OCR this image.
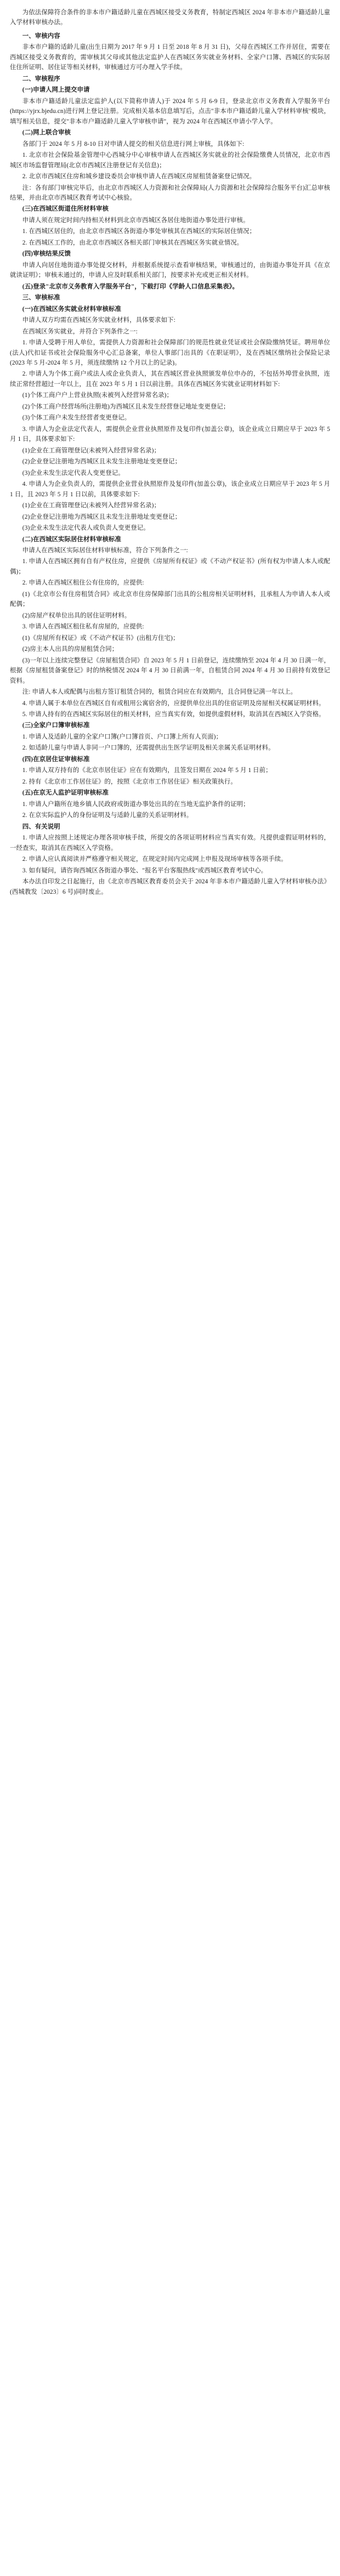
为依法保障符合条件的非本市户籍适龄儿童在西城区接受义务教育，特制定西城区 2024 年非本市户籍适龄儿童入学材料审核办法。

一、审核内容

非本市户籍的适龄儿童(出生日期为 2017 年 9 月 1 日至 2018 年 8 月 31 日)，父母在西城区工作并居住，需要在西城区接受义务教育的，需审核其父母或其他法定监护人在西城区务实就业务材料、全家户口簿、西城区的实际居住住所证明、居住证等相关材料，审核通过方可办理入学手续。

二、审核程序

(一)申请人网上提交申请

非本市户籍适龄儿童法定监护人(以下简称申请人)于 2024 年 5 月 6-9 日，登录北京市义务教育入学服务平台(https://yjrx.bjedu.cn)进行网上登记注册。完成相关基本信息填写后，点击"非本市户籍适龄儿童入学材料审核"模块，填写相关信息，提交"非本市户籍适龄儿童入学审核申请"，视为 2024 年在西城区申请小学入学。

(二)网上联合审核

各部门于 2024 年 5 月 8-10 日对申请人提交的相关信息进行网上审核，具体如下:

1. 北京市社会保险基金管理中心西城分中心审核申请人在西城区务实就业的社会保险缴费人员情况，北京市西城区市场监督管理局(北京市西城区注册登记有关信息)；

2. 北京市西城区住房和城乡建设委员会审核申请人在西城区房屋租赁备案登记情况。

注：各有部门审核完毕后，由北京市西城区人力资源和社会保障局(人力资源和社会保障综合服务平台)汇总审核结果，并由北京市西城区教育考试中心核验。

(三)在西城区街道住所材料审核

申请人须在规定时间内持相关材料到北京市西城区各居住地街道办事处进行审核。

1. 在西城区居住的，由北京市西城区各街道办事处审核其在西城区的实际居住情况；

2. 在西城区工作的，由北京市西城区各相关部门审核其在西城区务实就业情况。

(四)审核结果反馈

申请人向居住地街道办事处提交材料，并根据系统提示查看审核结果，审核通过的，由街道办事处开具《在京就读证明》；审核未通过的，申请人应及时联系相关部门，按要求补充或更正相关材料。

(五)登录"北京市义务教育入学服务平台"，下载打印《学龄人口信息采集表》。

三、审核标准

(一)在西城区务实就业材料审核标准

申请人双方均需在西城区务实就业材料，具体要求如下:

在西城区务实就业，并符合下列条件之一:

1. 申请人受聘于用人单位，需提供人力资源和社会保障部门的规范性就业凭证或社会保险缴纳凭证。聘用单位(法人)代扣证书或社会保险服务中心汇总备案，单位人事部门出具的《在职证明》，及在西城区缴纳社会保险记录(2023 年 5 月-2024 年 5 月，须连续缴纳 12 个月以上的记录)。

2. 申请人为个体工商户或法人或企业负责人，其在西城区营业执照颁发单位申办的，不包括外埠营业执照，连续正常经营超过一年以上，且在 2023 年 5 月 1 日以前注册。具体在西城区务实就业证明材料如下:

(1)个体工商户户上营业执照(未被列入经营异常名录)；

(2)个体工商户经营场所(注册地)为西城区且未发生经营登记地址变更登记；

(3)个体工商户未发生经营者变更登记。

3. 申请人为企业法定代表人，需提供企业营业执照原件及复印件(加盖公章)，该企业成立日期应早于 2023 年 5 月 1 日，具体要求如下:

(1)企业在工商管理登记(未被列入经营异常名录)；

(2)企业登记注册地为西城区且未发生注册地址变更登记；

(3)企业未发生法定代表人变更登记。

4. 申请人为企业负责人的，需提供企业营业执照原件及复印件(加盖公章)，该企业成立日期应早于 2023 年 5 月 1 日，且 2023 年 5 月 1 日以前，具体要求如下:

(1)企业在工商管理登记(未被列入经营异常名录)；

(2)企业登记注册地为西城区且未发生注册地址变更登记；

(3)企业未发生法定代表人或负责人变更登记。

(二)在西城区实际居住材料审核标准

申请人在西城区实际居住材料审核标准，符合下列条件之一:

1. 申请人在西城区拥有自有产权住房，应提供《房屋所有权证》或《不动产权证书》(所有权为申请人本人或配偶)；

2. 申请人在西城区租住公有住房的，应提供:

(1)《北京市公有住房租赁合同》或北京市住房保障部门出具的公租房相关证明材料，且承租人为申请人本人或配偶；

(2)房屋产权单位出具的居住证明材料。

3. 申请人在西城区租住私有房屋的，应提供:

(1)《房屋所有权证》或《不动产权证书》(出租方住宅)；

(2)房主本人出具的房屋租赁合同；

(3)一年以上连续完整登记《房屋租赁合同》自 2023 年 5 月 1 日前登记，连续缴纳至 2024 年 4 月 30 日满一年，根据《房屋租赁备案登记》时的纳税情况 2024 年 4 月 30 日前满一年，自租赁合同 2024 年 4 月 30 日前持有效登记资料。

注: 申请人本人或配偶与出租方签订租赁合同的，租赁合同应在有效期内，且合同登记满一年以上。

4. 申请人属于本单位在西城区自有或租用公寓宿舍的，应提供单位出具的住宿证明及房屋相关权属证明材料。

5. 申请人持有的在西城区实际居住的相关材料，应当真实有效，如提供虚假材料，取消其在西城区入学资格。

(三)全家户口簿审核标准

1. 申请人及适龄儿童的全家户口簿(户口簿首页、户口簿上所有人页面)；

2. 如适龄儿童与申请人非同一户口簿的，还需提供出生医学证明及相关亲属关系证明材料。

(四)在京居住证审核标准

1. 申请人双方持有的《北京市居住证》应在有效期内，且签发日期在 2024 年 5 月 1 日前；

2. 持有《北京市工作居住证》的，按照《北京市工作居住证》相关政策执行。

(五)在京无人监护证明审核标准

1. 申请人户籍所在地乡镇人民政府或街道办事处出具的在当地无监护条件的证明；

2. 在京实际监护人的身份证明及与适龄儿童的关系证明材料。

四、有关说明

1. 申请人应按照上述规定办理各项审核手续，所提交的各项证明材料应当真实有效。凡提供虚假证明材料的，一经查实，取消其在西城区入学资格。

2. 申请人应认真阅读并严格遵守相关规定，在规定时间内完成网上申报及现场审核等各项手续。

3. 如有疑问，请咨询西城区各街道办事处、"报名平台客服热线"或西城区教育考试中心。

本办法自印发之日起施行，由《北京市西城区教育委员会关于 2024 年非本市户籍适龄儿童入学材料审核办法》(西城教发〔2023〕6 号)同时废止。
